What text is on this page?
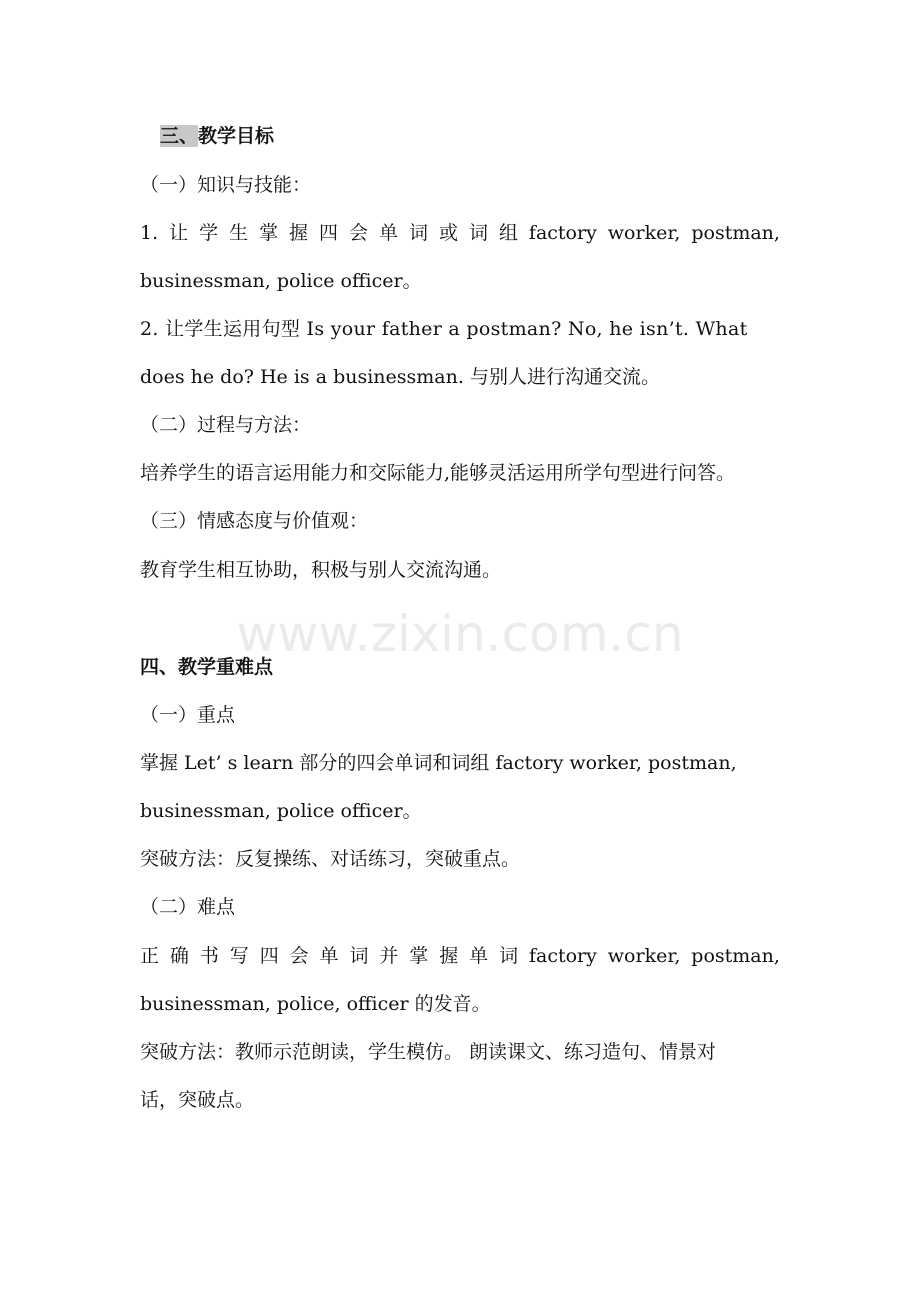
www.zixin.com.cn
三、教学目标
（一）知识与技能：
1. 让 学 生 掌 握 四 会 单 词 或 词 组 factory worker, postman,
businessman, police officer。
2. 让学生运用句型 Is your father a postman? No, he isn’t. What
does he do? He is a businessman. 与别人进行沟通交流。
（二）过程与方法：
培养学生的语言运用能力和交际能力,能够灵活运用所学句型进行问答。
（三）情感态度与价值观：
教育学生相互协助，积极与别人交流沟通。
四、教学重难点
（一）重点
掌握 Let’ s learn 部分的四会单词和词组 factory worker, postman,
businessman, police officer。
突破方法：反复操练、对话练习，突破重点。
（二）难点
正 确 书 写 四 会 单 词 并 掌 握 单 词 factory worker, postman,
businessman, police, officer 的发音。
突破方法：教师示范朗读，学生模仿。 朗读课文、练习造句、情景对
话，突破点。
